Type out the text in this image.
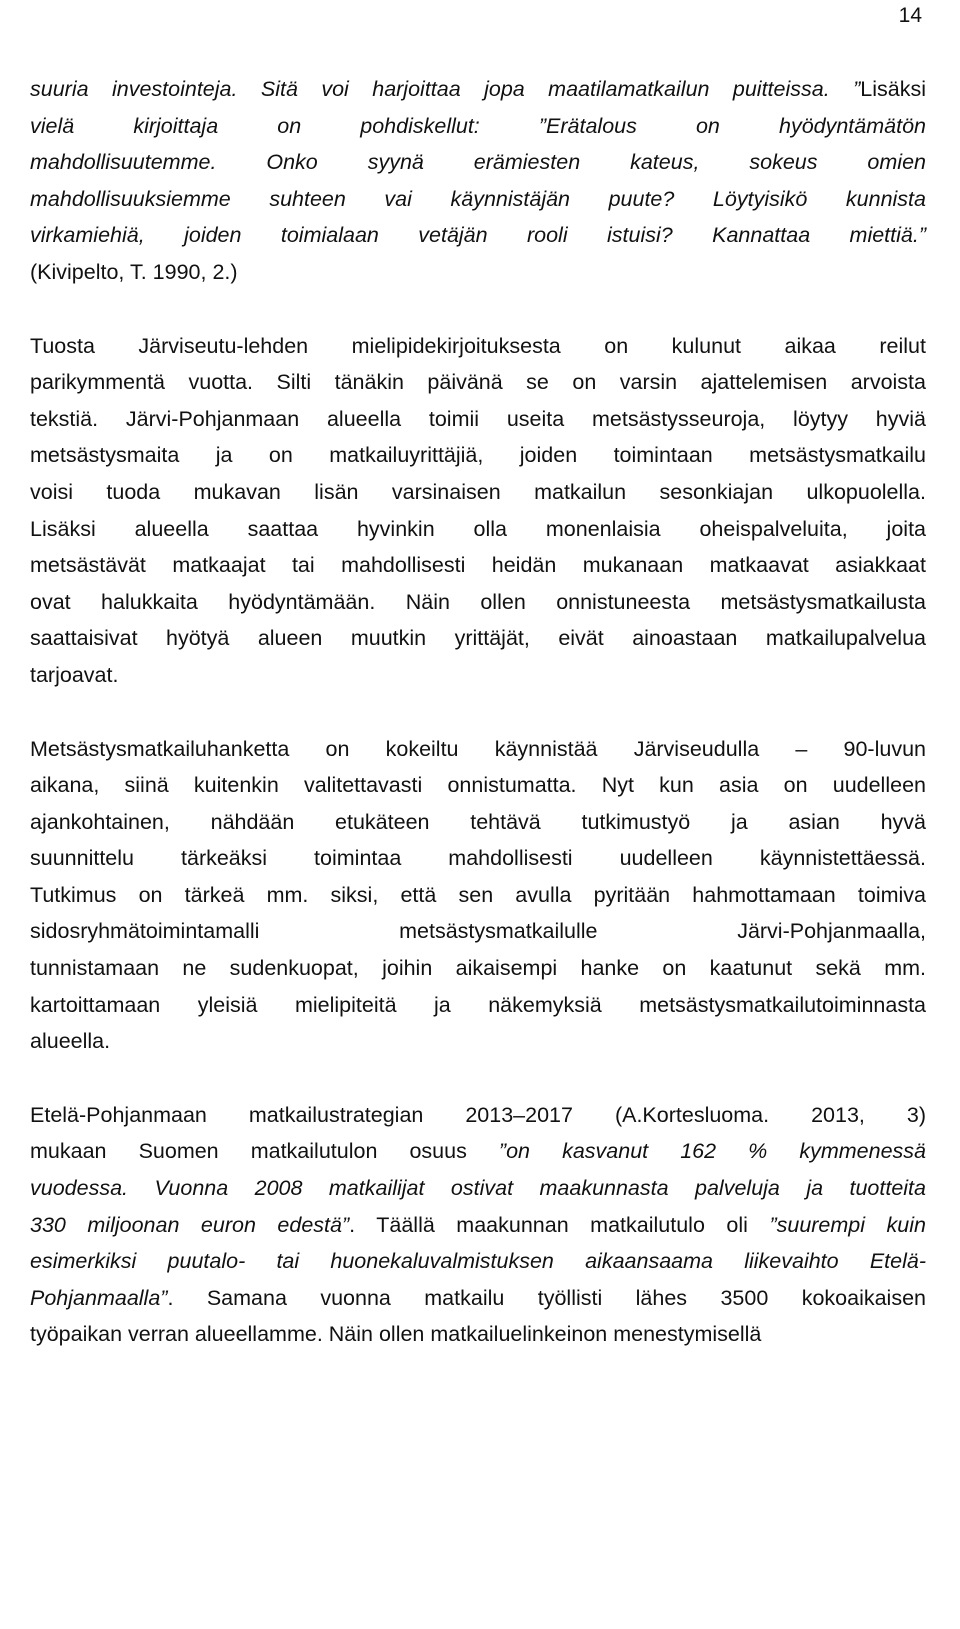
14
suuria investointeja. Sitä voi harjoittaa jopa maatilamatkailun puitteissa. ”Lisäksi
vielä kirjoittaja on pohdiskellut: ”Erätalous on hyödyntämätön
mahdollisuutemme. Onko syynä erämiesten kateus, sokeus omien
mahdollisuuksiemme suhteen vai käynnistäjän puute? Löytyisikö kunnista
virkamiehiä, joiden toimialaan vetäjän rooli istuisi? Kannattaa miettiä.”
(Kivipelto, T. 1990, 2.)
Tuosta Järviseutu-lehden mielipidekirjoituksesta on kulunut aikaa reilut
parikymmentä vuotta. Silti tänäkin päivänä se on varsin ajattelemisen arvoista
tekstiä. Järvi-Pohjanmaan alueella toimii useita metsästysseuroja, löytyy hyviä
metsästysmaita ja on matkailuyrittäjiä, joiden toimintaan metsästysmatkailu
voisi tuoda mukavan lisän varsinaisen matkailun sesonkiajan ulkopuolella.
Lisäksi alueella saattaa hyvinkin olla monenlaisia oheispalveluita, joita
metsästävät matkaajat tai mahdollisesti heidän mukanaan matkaavat asiakkaat
ovat halukkaita hyödyntämään. Näin ollen onnistuneesta metsästysmatkailusta
saattaisivat hyötyä alueen muutkin yrittäjät, eivät ainoastaan matkailupalvelua
tarjoavat.
Metsästysmatkailuhanketta on kokeiltu käynnistää Järviseudulla – 90-luvun
aikana, siinä kuitenkin valitettavasti onnistumatta. Nyt kun asia on uudelleen
ajankohtainen, nähdään etukäteen tehtävä tutkimustyö ja asian hyvä
suunnittelu tärkeäksi toimintaa mahdollisesti uudelleen käynnistettäessä.
Tutkimus on tärkeä mm. siksi, että sen avulla pyritään hahmottamaan toimiva
sidosryhmätoimintamalli metsästysmatkailulle Järvi-Pohjanmaalla,
tunnistamaan ne sudenkuopat, joihin aikaisempi hanke on kaatunut sekä mm.
kartoittamaan yleisiä mielipiteitä ja näkemyksiä metsästysmatkailutoiminnasta
alueella.
Etelä-Pohjanmaan matkailustrategian 2013–2017 (A.Kortesluoma. 2013, 3)
mukaan Suomen matkailutulon osuus ”on kasvanut 162 % kymmenessä
vuodessa. Vuonna 2008 matkailijat ostivat maakunnasta palveluja ja tuotteita
330 miljoonan euron edestä”. Täällä maakunnan matkailutulo oli ”suurempi kuin
esimerkiksi puutalo- tai huonekaluvalmistuksen aikaansaama liikevaihto Etelä-
Pohjanmaalla”. Samana vuonna matkailu työllisti lähes 3500 kokoaikaisen
työpaikan verran alueellamme. Näin ollen matkailuelinkeinon menestymisellä
